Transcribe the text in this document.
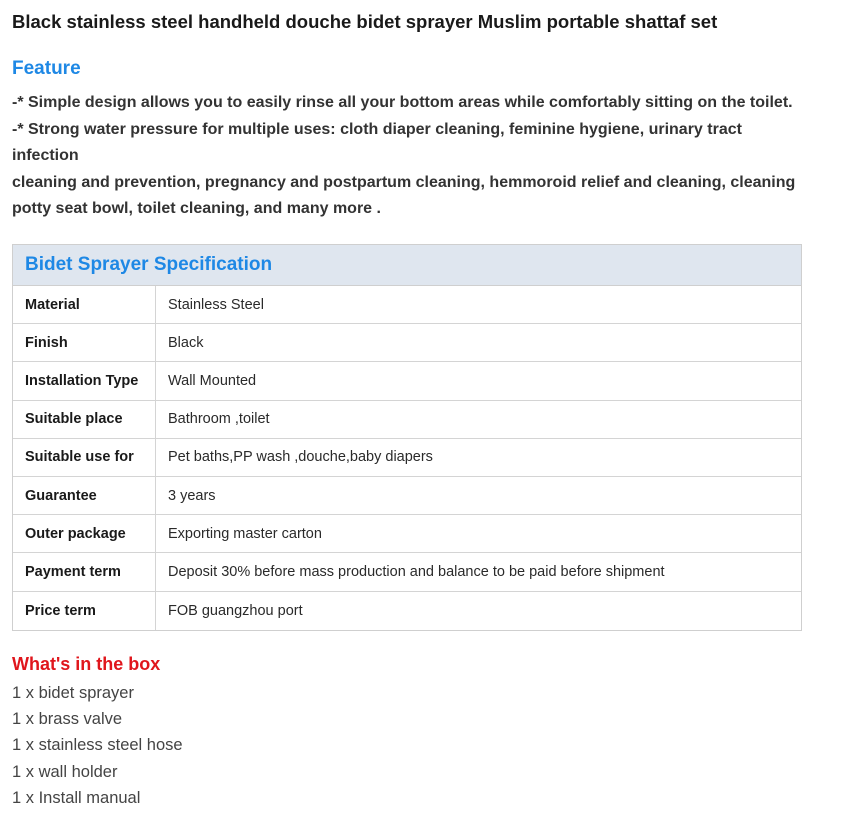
Black stainless steel handheld douche bidet sprayer Muslim portable shattaf set
Feature
-* Simple design allows you to easily rinse all your bottom areas while comfortably sitting on the toilet.
-* Strong water pressure for multiple uses: cloth diaper cleaning, feminine hygiene, urinary tract
infection
cleaning and prevention, pregnancy and postpartum cleaning, hemmoroid relief and cleaning, cleaning
potty seat bowl, toilet cleaning, and many more .
Bidet Sprayer Specification
Material	Stainless Steel
Finish	Black
Installation Type	Wall Mounted
Suitable place	Bathroom ,toilet
Suitable use for	Pet baths,PP wash ,douche,baby diapers
Guarantee	3 years
Outer package	Exporting master carton
Payment term	Deposit 30% before mass production and balance to be paid before shipment
Price term	FOB guangzhou port
What's in the box
1 x bidet sprayer
1 x brass valve
1 x stainless steel hose
1 x wall holder
1 x Install manual
